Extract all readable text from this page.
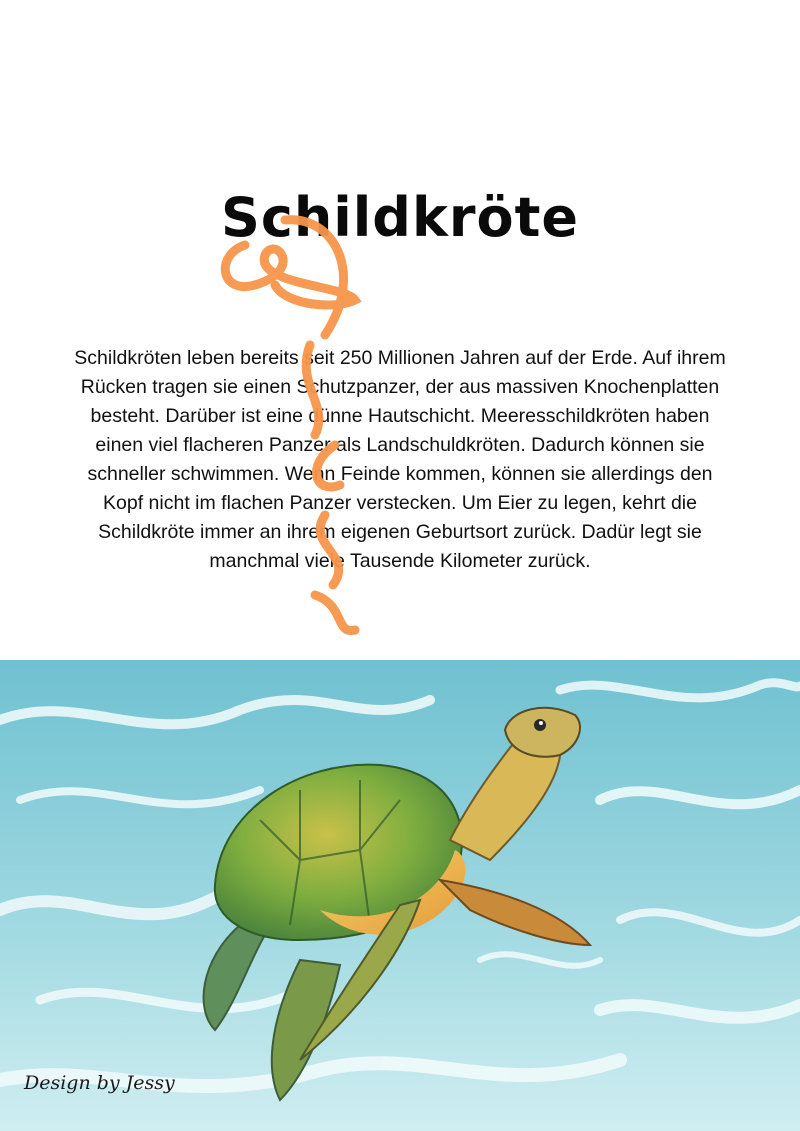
Schildkröte

Schildkröten leben bereits seit 250 Millionen Jahren auf der Erde. Auf ihrem Rücken tragen sie einen Schutzpanzer, der aus massiven Knochenplatten besteht. Darüber ist eine dünne Hautschicht. Meeresschildkröten haben einen viel flacheren Panzer als Landschuldkröten. Dadurch können sie schneller schwimmen. Wenn Feinde kommen, können sie allerdings den Kopf nicht im flachen Panzer verstecken. Um Eier zu legen, kehrt die Schildkröte immer an ihrem eigenen Geburtsort zurück. Dadür legt sie manchmal viele Tausende Kilometer zurück.

Design by Jessy
